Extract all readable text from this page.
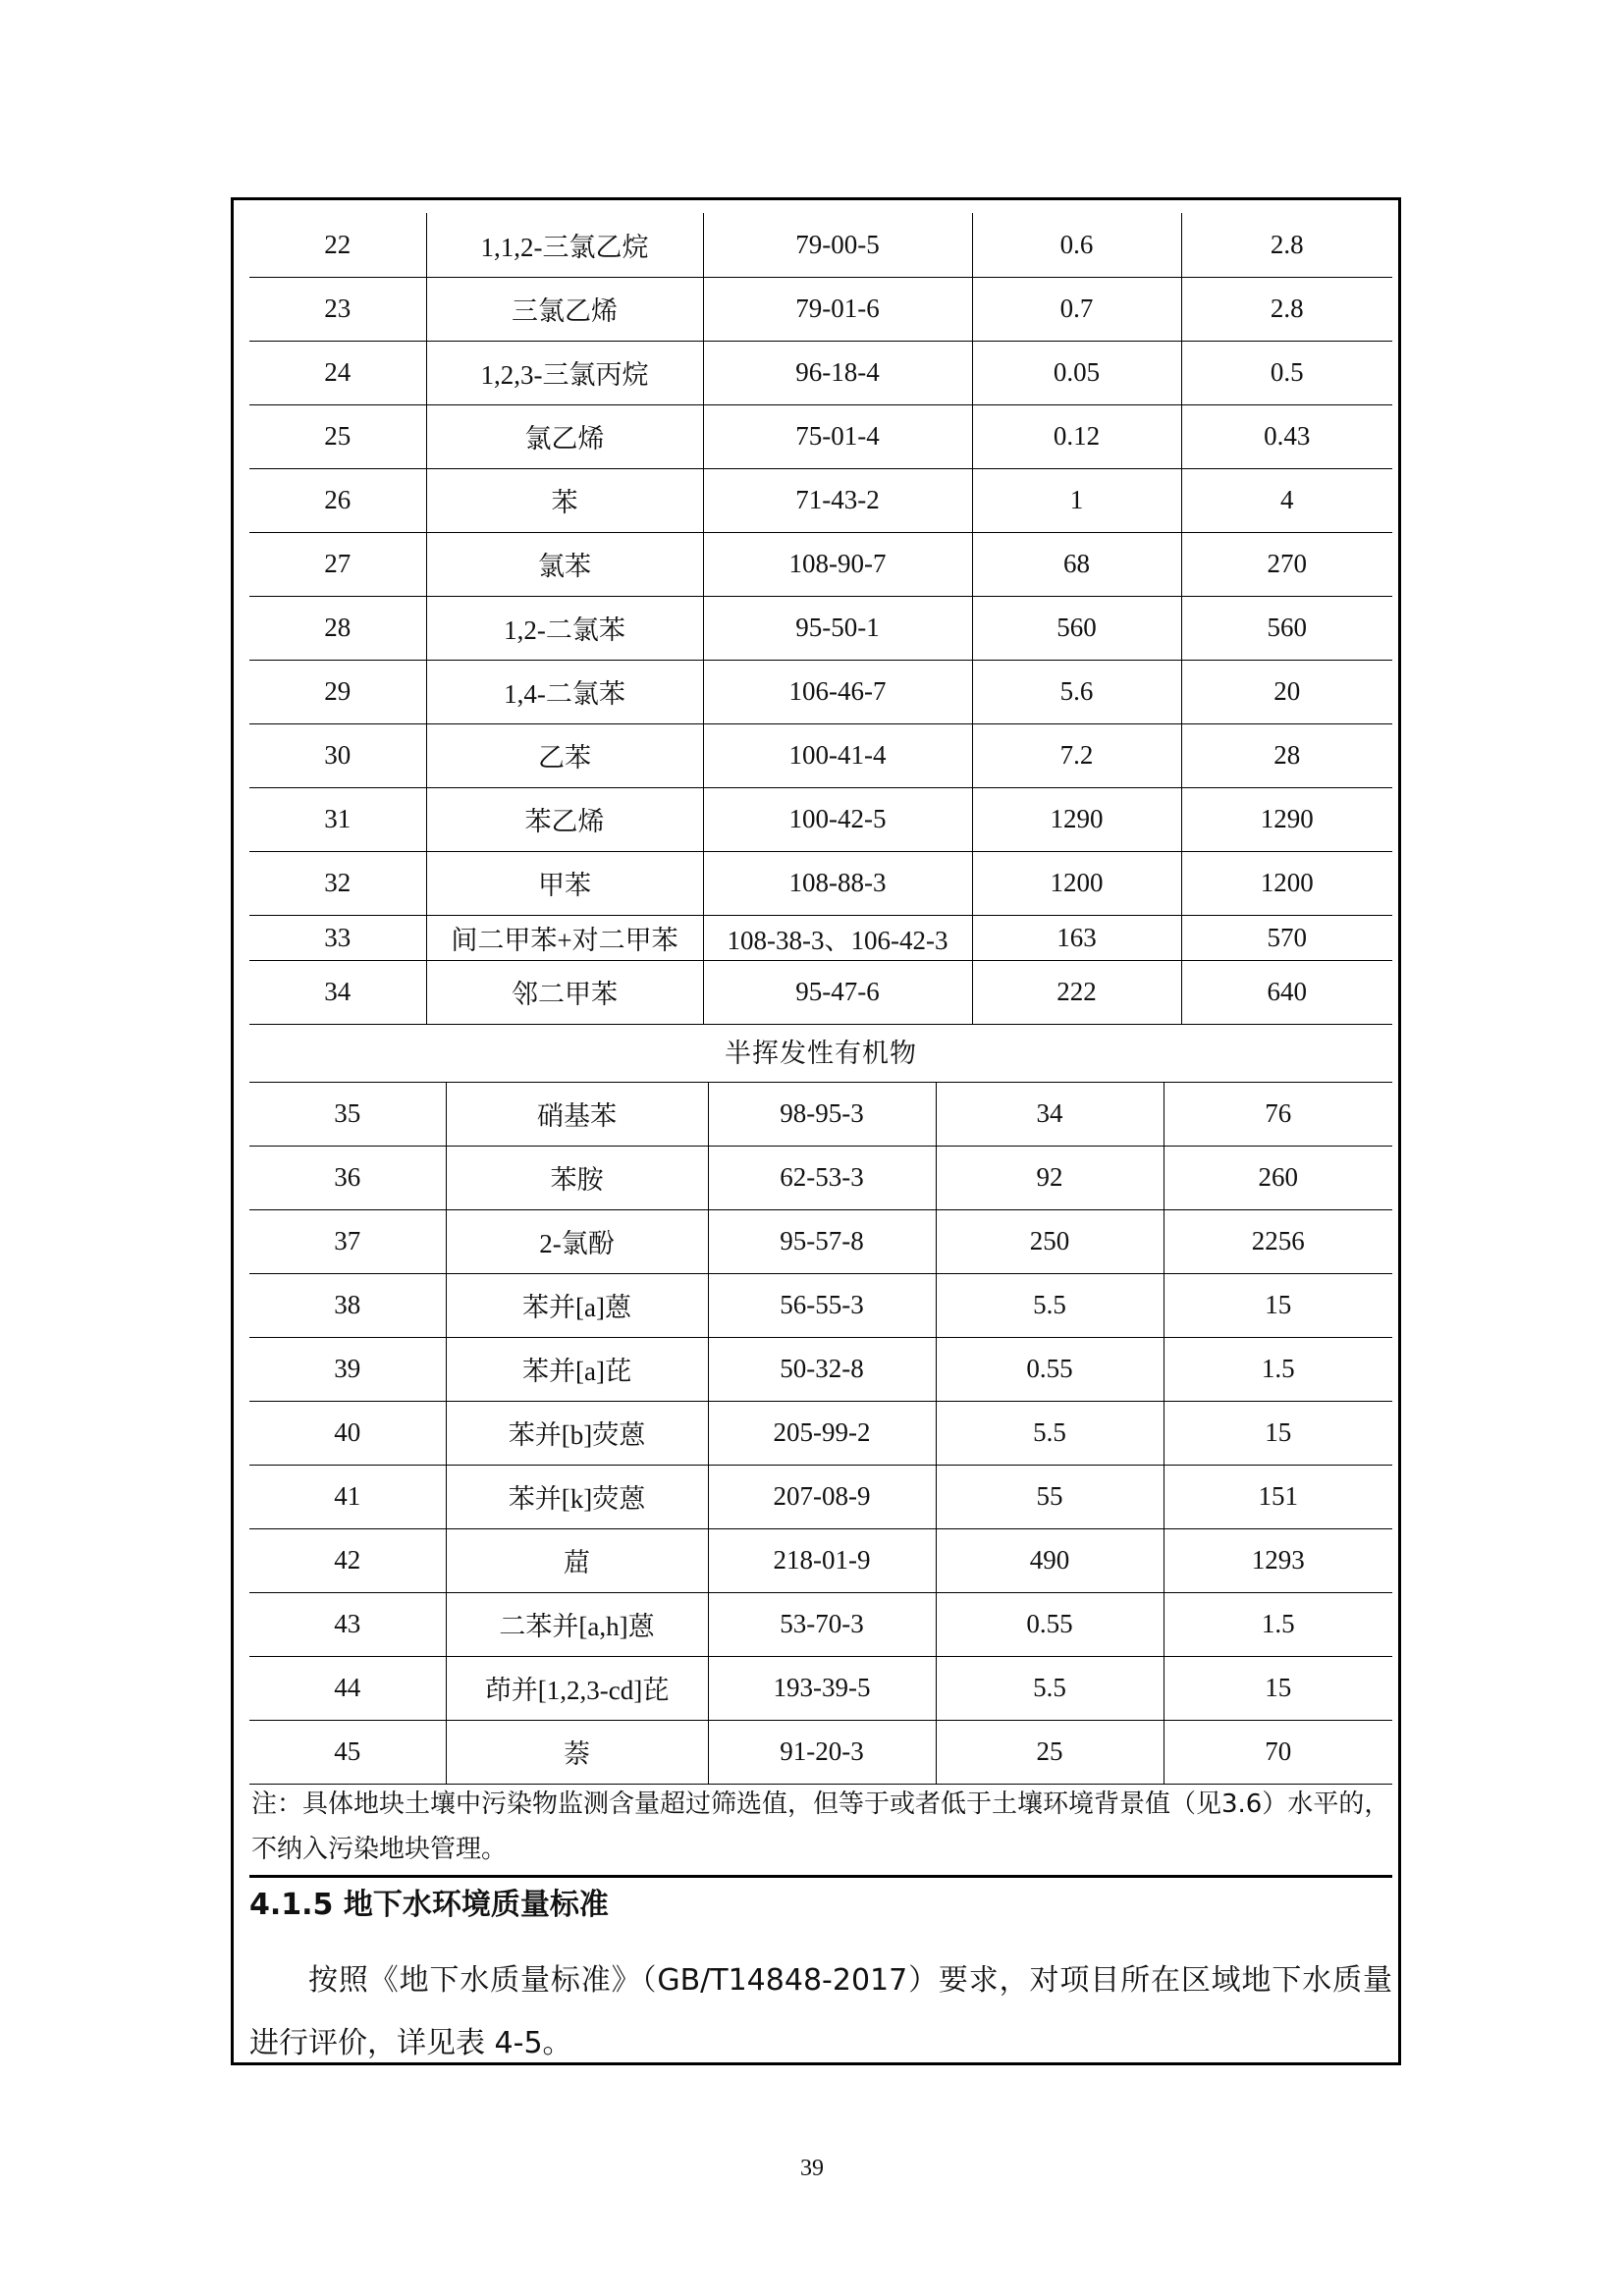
22	1,1,2-三氯乙烷	79-00-5	0.6	2.8
23	三氯乙烯	79-01-6	0.7	2.8
24	1,2,3-三氯丙烷	96-18-4	0.05	0.5
25	氯乙烯	75-01-4	0.12	0.43
26	苯	71-43-2	1	4
27	氯苯	108-90-7	68	270
28	1,2-二氯苯	95-50-1	560	560
29	1,4-二氯苯	106-46-7	5.6	20
30	乙苯	100-41-4	7.2	28
31	苯乙烯	100-42-5	1290	1290
32	甲苯	108-88-3	1200	1200
33	间二甲苯+对二甲苯	108-38-3、106-42-3	163	570
34	邻二甲苯	95-47-6	222	640
半挥发性有机物
35	硝基苯	98-95-3	34	76
36	苯胺	62-53-3	92	260
37	2-氯酚	95-57-8	250	2256
38	苯并[a]蒽	56-55-3	5.5	15
39	苯并[a]芘	50-32-8	0.55	1.5
40	苯并[b]荧蒽	205-99-2	5.5	15
41	苯并[k]荧蒽	207-08-9	55	151
42	䓛	218-01-9	490	1293
43	二苯并[a,h]蒽	53-70-3	0.55	1.5
44	茚并[1,2,3-cd]芘	193-39-5	5.5	15
45	萘	91-20-3	25	70
注：具体地块土壤中污染物监测含量超过筛选值，但等于或者低于土壤环境背景值（见3.6）水平的，不纳入污染地块管理。
4.1.5 地下水环境质量标准
按照《地下水质量标准》（GB/T14848-2017）要求，对项目所在区域地下水质量进行评价，详见表 4-5。
39
